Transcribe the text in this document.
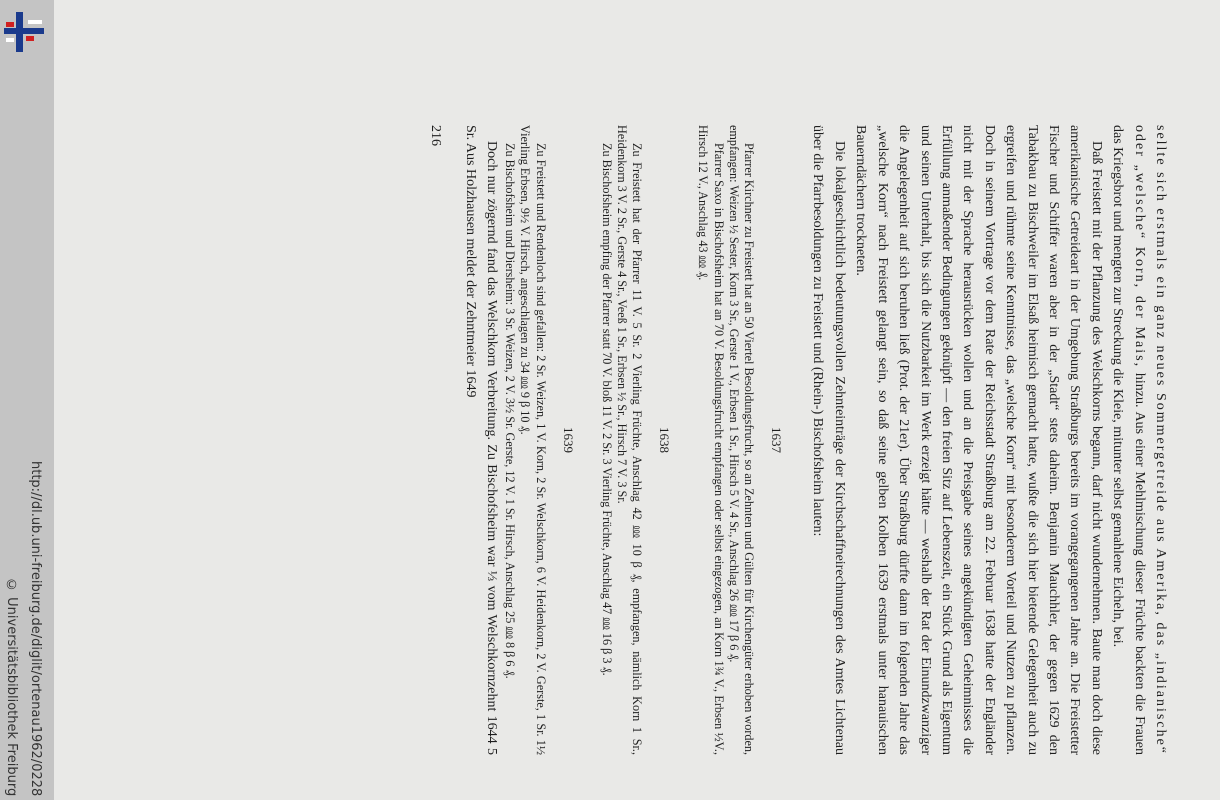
http://dl.ub.uni-freiburg.de/diglit/ortenau1962/0228
© Universitätsbibliothek Freiburg	sellte sich erstmals ein ganz neues Sommergetreide aus Amerika, das „indianische“ oder „welsche“ Korn, der Mais, hinzu. Aus einer Mehlmischung dieser Früchte backten die Frauen das Kriegsbrot und mengten zur Streckung die Kleie, mitunter selbst gemahlene Eicheln, bei.

Daß Freistett mit der Pflanzung des Welschkorns begann, darf nicht wundernehmen. Baute man doch diese amerikanische Getreideart in der Umgebung Straßburgs bereits im vorangegangenen Jahre an. Die Freistetter Fischer und Schiffer waren aber in der „Stadt“ stets daheim. Benjamin Mauchhler, der gegen 1629 den Tabakbau zu Bischweiler im Elsaß heimisch gemacht hatte, wußte die sich hier bietende Gelegenheit auch zu ergreifen und rühmte seine Kenntnisse, das „welsche Korn“ mit besonderem Vorteil und Nutzen zu pflanzen. Doch in seinem Vortrage vor dem Rate der Reichsstadt Straßburg am 22. Februar 1638 hatte der Engländer nicht mit der Sprache herausrücken wollen und an die Preisgabe seines angekündigten Geheimnisses die Erfüllung anmaßender Bedingungen geknüpft — den freien Sitz auf Lebenszeit, ein Stück Grund als Eigentum und seinen Unterhalt, bis sich die Nutzbarkeit im Werk erzeigt hätte — weshalb der Rat der Einundzwanziger die Angelegenheit auf sich beruhen ließ (Prot. der 21er). Über Straßburg dürfte dann im folgenden Jahre das „welsche Korn“ nach Freistett gelangt sein, so daß seine gelben Kolben 1639 erstmals unter hanauischen Bauerndächern trockneten.

Die lokalgeschichtlich bedeutungsvollen Zehnteinträge der Kirchschaffneirechnungen des Amtes Lichtenau über die Pfarrbesoldungen zu Freistett und (Rhein-) Bischofsheim lauten:

1637

Pfarrer Kirchner zu Freistett hat an 50 Viertel Besoldungsfrucht, so an Zehnten und Gülten für Kirchengüter erhoben worden, empfangen: Weizen ½ Sester, Korn 3 Sr., Gerste 1 V., Erbsen 1 Sr., Hirsch 5 V. 4 Sr., Anschlag 26 ⅏ 17 β 6 ₰.

Pfarrer Saxo in Bischofsheim hat an 70 V. Besoldungsfrucht empfangen oder selbst eingezogen, an Korn 1¾ V., Erbsen ½V., Hirsch 12 V., Anschlag 43 ⅏ ₰.

1638

Zu Freistett hat der Pfarrer 11 V. 5 Sr. 2 Vierling Früchte, Anschlag 42 ⅏ 10 β ₰, empfangen, nämlich Korn 1 Sr., Heidenkorn 3 V. 2 Sr., Gerste 4 Sr., Veeß 1 Sr., Erbsen ½ Sr., Hirsch 7 V. 3 Sr.

Zu Bischofsheim empfing der Pfarrer statt 70 V. bloß 11 V. 2 Sr. 3 Vierling Früchte, Anschlag 47 ⅏ 16 β 3 ₰.

1639

Zu Freistett und Rendenloch sind gefallen: 2 Sr. Weizen, 1 V. Korn, 2 Sr. Welschkorn, 6 V. Heidenkorn, 2 V. Gerste, 1 Sr. 1½ Vierling Erbsen, 9½ V. Hirsch, angeschlagen zu 34 ⅏ 9 β 10 ₰.

Zu Bischofsheim und Diersheim: 3 Sr. Weizen, 2 V. 3½ Sr. Gerste, 12 V. 1 Sr. Hirsch, Anschlag 25 ⅏ 8 β 6 ₰.

Doch nur zögernd fand das Welschkorn Verbreitung. Zu Bischofsheim war ⅓ vom Welschkornzehnt 1644 5 Sr. Aus Holzhausen meldet der Zehntmeier 1649

216
